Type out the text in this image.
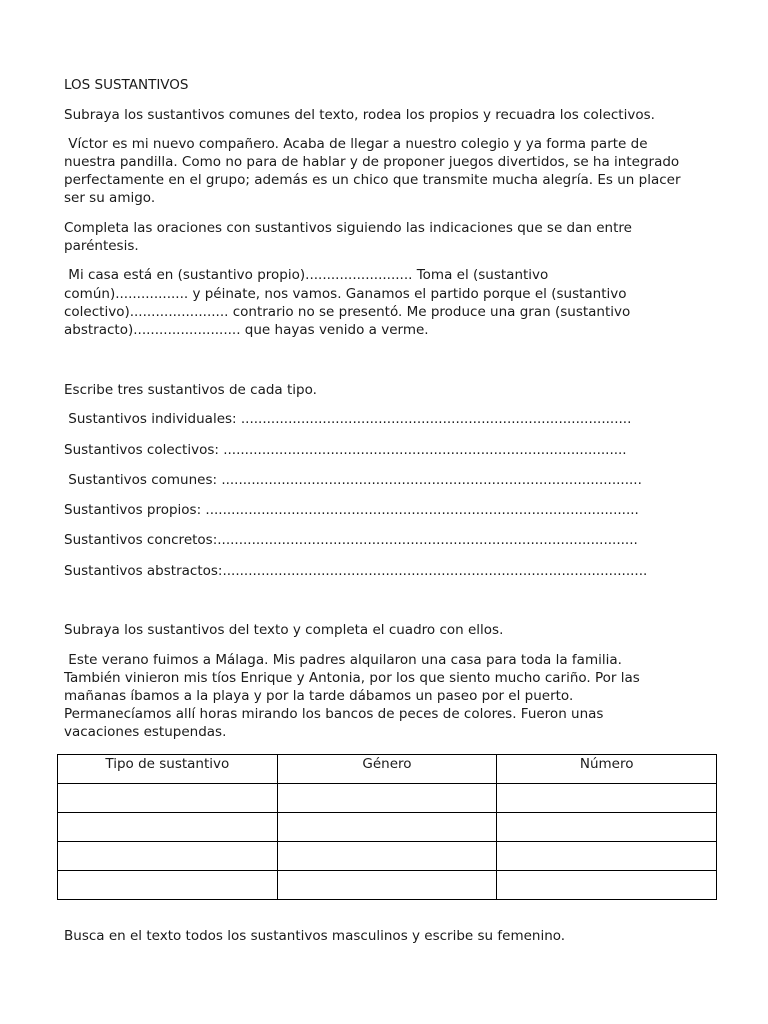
LOS SUSTANTIVOS
Subraya los sustantivos comunes del texto, rodea los propios y recuadra los colectivos.
Víctor es mi nuevo compañero. Acaba de llegar a nuestro colegio y ya forma parte de
nuestra pandilla. Como no para de hablar y de proponer juegos divertidos, se ha integrado
perfectamente en el grupo; además es un chico que transmite mucha alegría. Es un placer
ser su amigo.
Completa las oraciones con sustantivos siguiendo las indicaciones que se dan entre
paréntesis.
Mi casa está en (sustantivo propio)......................... Toma el (sustantivo
común)................. y péinate, nos vamos. Ganamos el partido porque el (sustantivo
colectivo)....................... contrario no se presentó. Me produce una gran (sustantivo
abstracto)......................... que hayas venido a verme.
Escribe tres sustantivos de cada tipo.
Sustantivos individuales: ...........................................................................................
Sustantivos colectivos: ..............................................................................................
Sustantivos comunes: ..................................................................................................
Sustantivos propios: .....................................................................................................
Sustantivos concretos:..................................................................................................
Sustantivos abstractos:...................................................................................................
Subraya los sustantivos del texto y completa el cuadro con ellos.
Este verano fuimos a Málaga. Mis padres alquilaron una casa para toda la familia.
También vinieron mis tíos Enrique y Antonia, por los que siento mucho cariño. Por las
mañanas íbamos a la playa y por la tarde dábamos un paseo por el puerto.
Permanecíamos allí horas mirando los bancos de peces de colores. Fueron unas
vacaciones estupendas.
Tipo de sustantivo	Género	Número

Busca en el texto todos los sustantivos masculinos y escribe su femenino.
